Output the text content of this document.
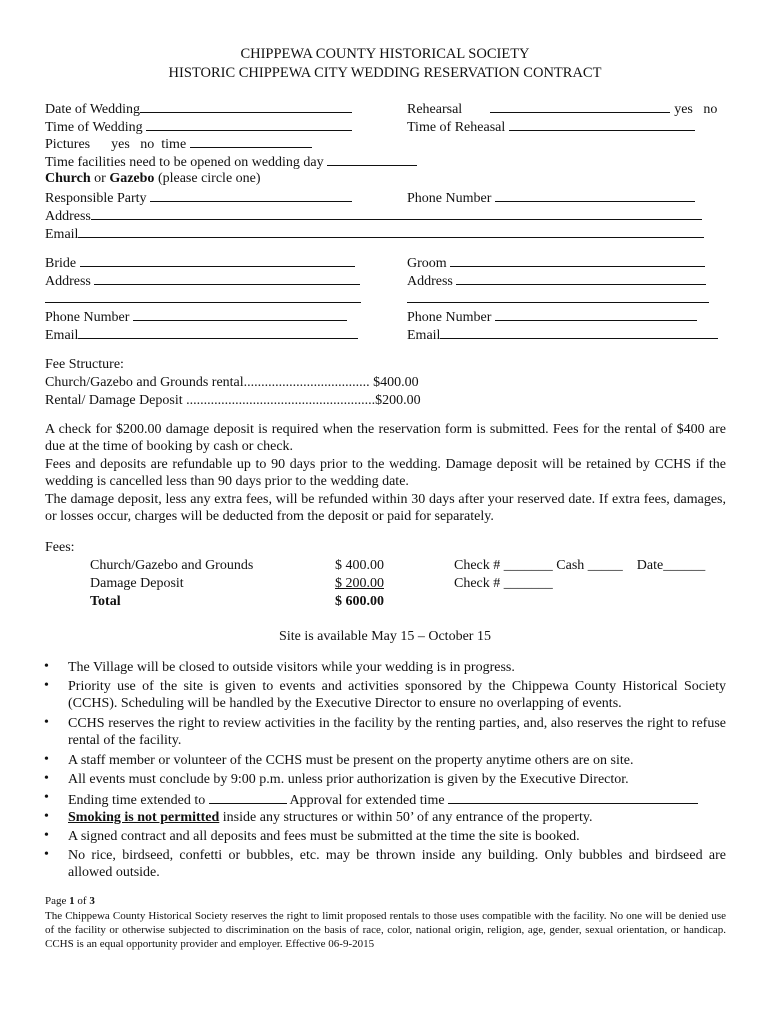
CHIPPEWA COUNTY HISTORICAL SOCIETY
HISTORIC CHIPPEWA CITY WEDDING RESERVATION CONTRACT
Date of Wedding
Time of Wedding
Pictures yes   no  time
Time facilities need to be opened on wedding day
Church or Gazebo (please circle one)
Responsible Party
Address
Email
Rehearsal	yes   no
Time of Reheasal
Phone Number
Bride
Address
Phone Number
Email
Groom
Address
Phone Number
Email
Fee Structure:
Church/Gazebo and Grounds rental.................................... $400.00
Rental/ Damage Deposit ......................................................$200.00
A check for $200.00 damage deposit is required when the reservation form is submitted. Fees for the rental of $400 are due at the time of booking by cash or check.
Fees and deposits are refundable up to 90 days prior to the wedding. Damage deposit will be retained by CCHS if the wedding is cancelled less than 90 days prior to the wedding date.
The damage deposit, less any extra fees, will be refunded within 30 days after your reserved date. If extra fees, damages, or losses occur, charges will be deducted from the deposit or paid for separately.
Fees:
Church/Gazebo and Grounds
Damage Deposit
Total
$ 400.00
$ 200.00
$ 600.00
Check # _______ Cash _____    Date______
Check # _______
Site is available May 15 – October 15
• The Village will be closed to outside visitors while your wedding is in progress.
• Priority use of the site is given to events and activities sponsored by the Chippewa County Historical Society (CCHS). Scheduling will be handled by the Executive Director to ensure no overlapping of events.
• CCHS reserves the right to review activities in the facility by the renting parties, and, also reserves the right to refuse rental of the facility.
• A staff member or volunteer of the CCHS must be present on the property anytime others are on site.
• All events must conclude by 9:00 p.m. unless prior authorization is given by the Executive Director.
• Ending time extended to	Approval for extended time
• Smoking is not permitted inside any structures or within 50’ of any entrance of the property.
• A signed contract and all deposits and fees must be submitted at the time the site is booked.
• No rice, birdseed, confetti or bubbles, etc. may be thrown inside any building. Only bubbles and birdseed are allowed outside.
Page 1 of 3
The Chippewa County Historical Society reserves the right to limit proposed rentals to those uses compatible with the facility. No one will be denied use of the facility or otherwise subjected to discrimination on the basis of race, color, national origin, religion, age, gender, sexual orientation, or handicap. CCHS is an equal opportunity provider and employer. Effective 06-9-2015
